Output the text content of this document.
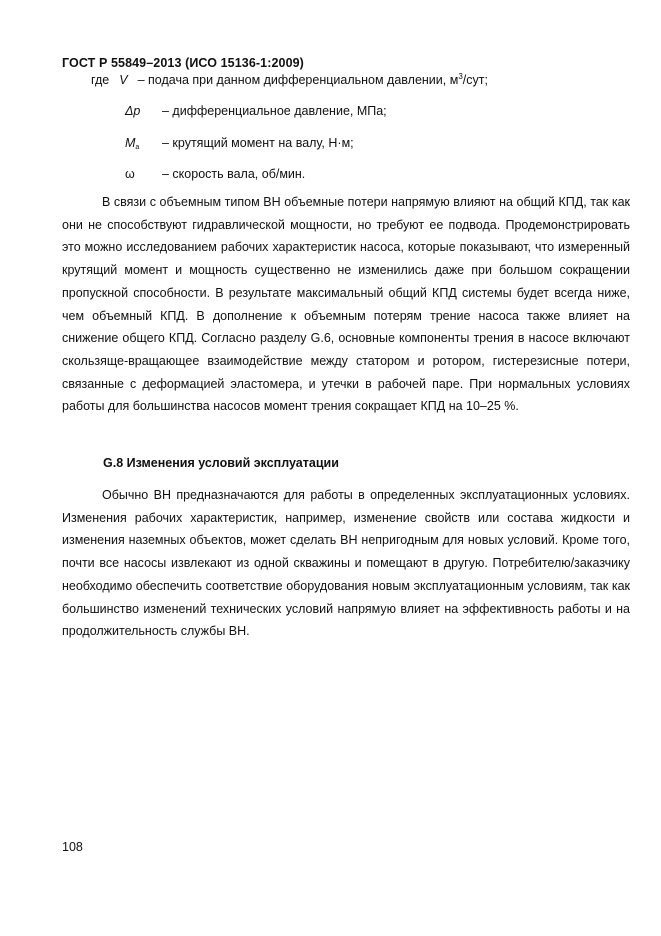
ГОСТ Р 55849–2013 (ИСО 15136-1:2009)
где V – подача при данном дифференциальном давлении, $м^3$/сут;
Δp – дифференциальное давление, МПа;
Ma – крутящий момент на валу, Н·м;
ω – скорость вала, об/мин.

В связи с объемным типом ВН объемные потери напрямую влияют на общий КПД, так как они не способствуют гидравлической мощности, но требуют ее подвода. Продемонстрировать это можно исследованием рабочих характеристик насоса, которые показывают, что измеренный крутящий момент и мощность существенно не изменились даже при большом сокращении пропускной способности. В результате максимальный общий КПД системы будет всегда ниже, чем объемный КПД. В дополнение к объемным потерям трение насоса также влияет на снижение общего КПД. Согласно разделу G.6, основные компоненты трения в насосе включают скользяще-вращающее взаимодействие между статором и ротором, гистерезисные потери, связанные с деформацией эластомера, и утечки в рабочей паре. При нормальных условиях работы для большинства насосов момент трения сокращает КПД на 10–25 %.

G.8 Изменения условий эксплуатации

Обычно ВН предназначаются для работы в определенных эксплуатационных условиях. Изменения рабочих характеристик, например, изменение свойств или состава жидкости и изменения наземных объектов, может сделать ВН непригодным для новых условий. Кроме того, почти все насосы извлекают из одной скважины и помещают в другую. Потребителю/заказчику необходимо обеспечить соответствие оборудования новым эксплуатационным условиям, так как большинство изменений технических условий напрямую влияет на эффективность работы и на продолжительность службы ВН.

108
